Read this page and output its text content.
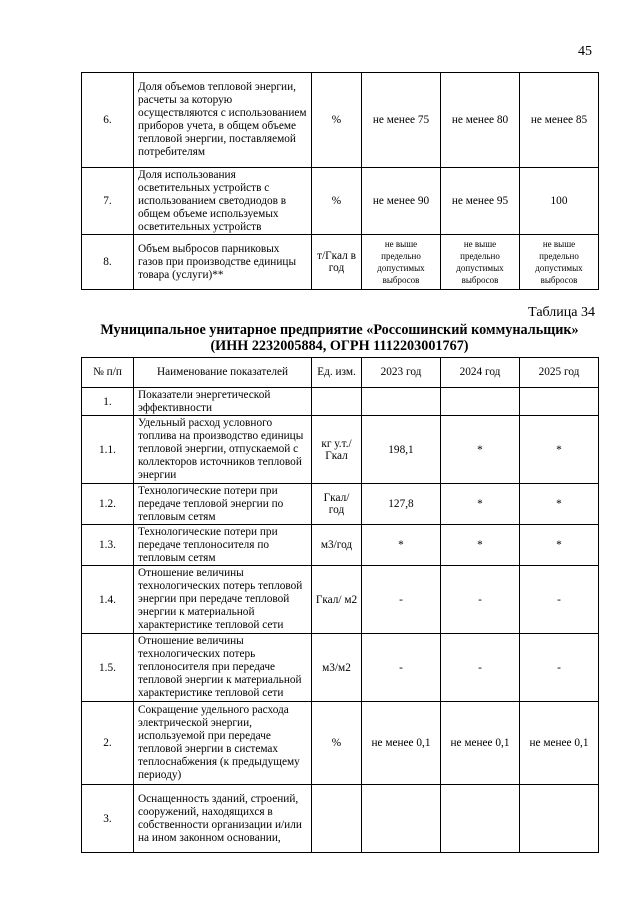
45
6.	Доля объемов тепловой энергии, расчеты за которую осуществляются с использованием приборов учета, в общем объеме тепловой энергии, поставляемой потребителям	%	не менее 75	не менее 80	не менее 85
7.	Доля использования осветительных устройств с использованием светодиодов в общем объеме используемых осветительных устройств	%	не менее 90	не менее 95	100
8.	Объем выбросов парниковых газов при производстве единицы товара (услуги)**	т/Гкал в год	не выше предельно допустимых выбросов	не выше предельно допустимых выбросов	не выше предельно допустимых выбросов
Таблица 34
Муниципальное унитарное предприятие «Россошинский коммунальщик»
(ИНН 2232005884, ОГРН 1112203001767)
№ п/п	Наименование показателей	Ед. изм.	2023 год	2024 год	2025 год
1.	Показатели энергетической эффективности				
1.1.	Удельный расход условного топлива на производство единицы тепловой энергии, отпускаемой с коллекторов источников тепловой энергии	кг у.т./ Гкал	198,1	*	*
1.2.	Технологические потери при передаче тепловой энергии по тепловым сетям	Гкал/ год	127,8	*	*
1.3.	Технологические потери при передаче теплоносителя по тепловым сетям	м3/год	*	*	*
1.4.	Отношение величины технологических потерь тепловой энергии при передаче тепловой энергии к материальной характеристике тепловой сети	Гкал/ м2	-	-	-
1.5.	Отношение величины технологических потерь теплоносителя при передаче тепловой энергии к материальной характеристике тепловой сети	м3/м2	-	-	-
2.	Сокращение удельного расхода электрической энергии, используемой при передаче тепловой энергии в системах теплоснабжения (к предыдущему периоду)	%	не менее 0,1	не менее 0,1	не менее 0,1
3.	Оснащенность зданий, строений, сооружений, находящихся в собственности организации и/или на ином законном основании,				
